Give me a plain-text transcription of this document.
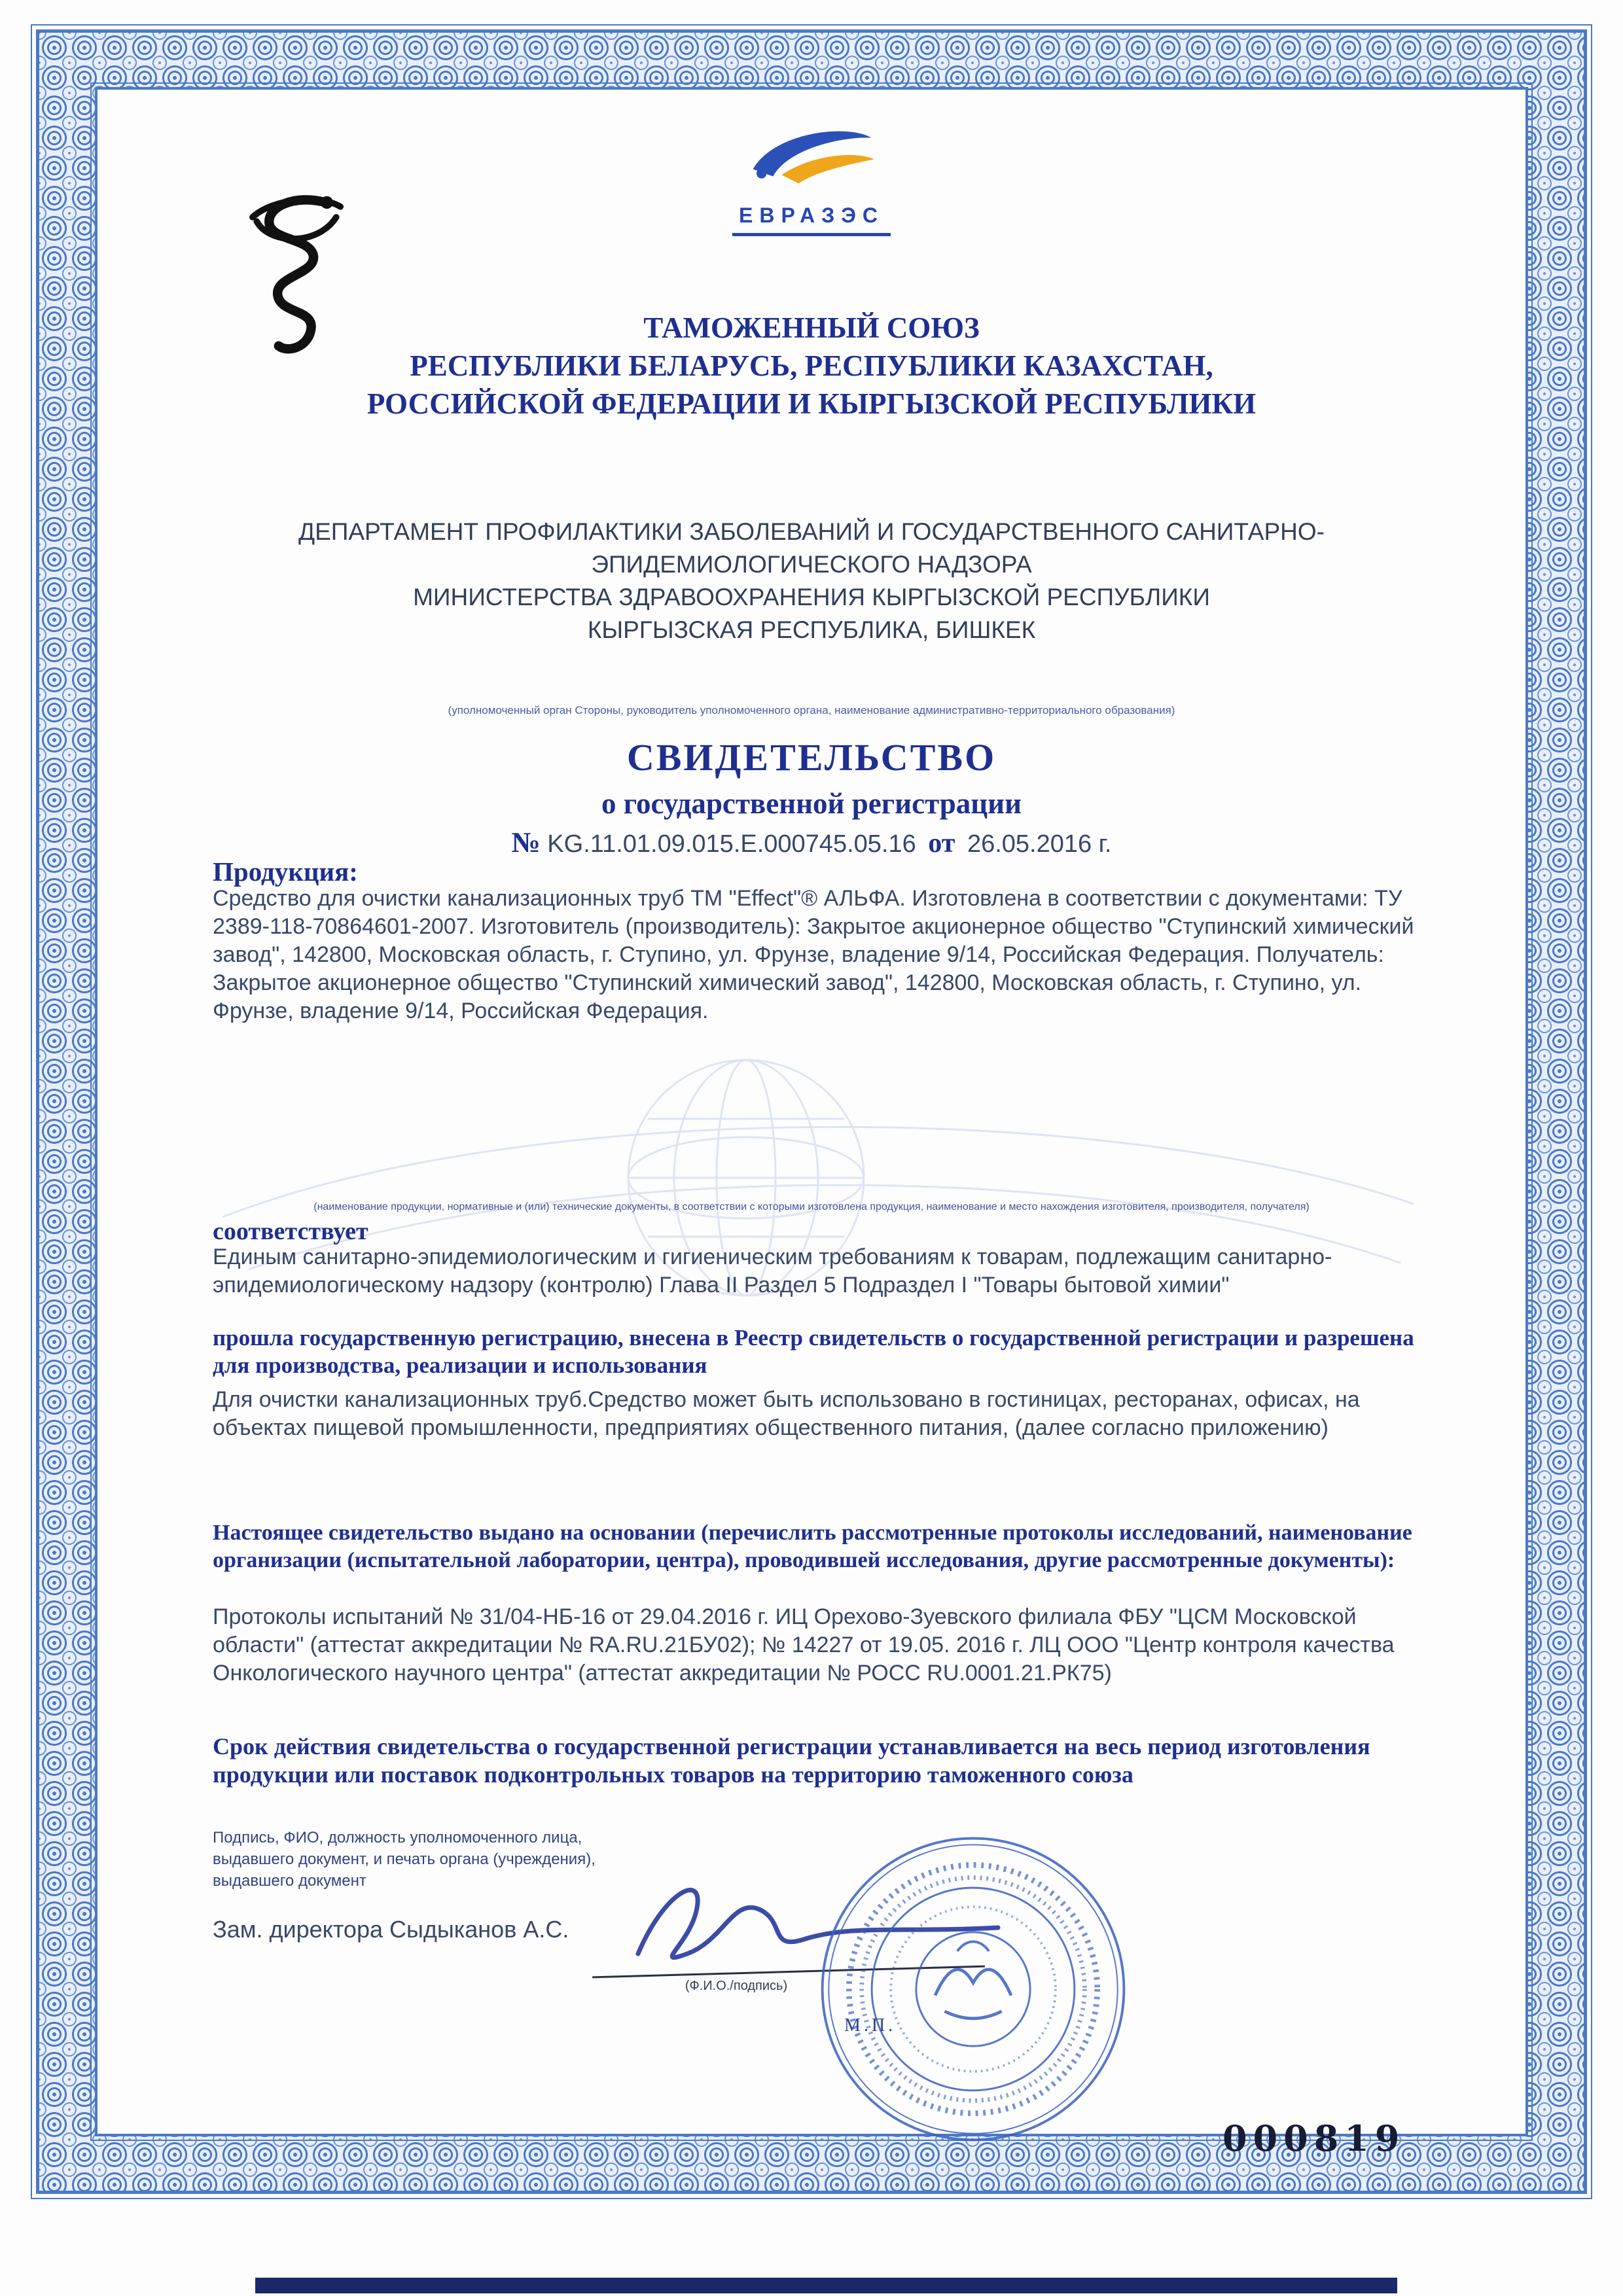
ЕВРАЗЭС
ТАМОЖЕННЫЙ СОЮЗ
РЕСПУБЛИКИ БЕЛАРУСЬ, РЕСПУБЛИКИ КАЗАХСТАН,
РОССИЙСКОЙ ФЕДЕРАЦИИ И КЫРГЫЗСКОЙ РЕСПУБЛИКИ
ДЕПАРТАМЕНТ ПРОФИЛАКТИКИ ЗАБОЛЕВАНИЙ И ГОСУДАРСТВЕННОГО САНИТАРНО-
ЭПИДЕМИОЛОГИЧЕСКОГО НАДЗОРА
МИНИСТЕРСТВА ЗДРАВООХРАНЕНИЯ КЫРГЫЗСКОЙ РЕСПУБЛИКИ
КЫРГЫЗСКАЯ РЕСПУБЛИКА, БИШКЕК
(уполномоченный орган Стороны, руководитель уполномоченного органа, наименование административно-территориального образования)
СВИДЕТЕЛЬСТВО
о государственной регистрации
№ KG.11.01.09.015.E.000745.05.16 от 26.05.2016 г.
Продукция:
Средство для очистки канализационных труб ТМ "Effect"® АЛЬФА. Изготовлена в соответствии с документами: ТУ 2389-118-70864601-2007. Изготовитель (производитель): Закрытое акционерное общество "Ступинский химический завод", 142800, Московская область, г. Ступино, ул. Фрунзе, владение 9/14, Российская Федерация. Получатель: Закрытое акционерное общество "Ступинский химический завод", 142800, Московская область, г. Ступино, ул. Фрунзе, владение 9/14, Российская Федерация.
(наименование продукции, нормативные и (или) технические документы, в соответствии с которыми изготовлена продукция, наименование и место нахождения изготовителя, производителя, получателя)
соответствует
Единым санитарно-эпидемиологическим и гигиеническим требованиям к товарам, подлежащим санитарно-эпидемиологическому надзору (контролю) Глава II Раздел 5 Подраздел I "Товары бытовой химии"
прошла государственную регистрацию, внесена в Реестр свидетельств о государственной регистрации и разрешена для производства, реализации и использования
Для очистки канализационных труб.Средство может быть использовано в гостиницах, ресторанах, офисах, на объектах пищевой промышленности, предприятиях общественного питания, (далее согласно приложению)
Настоящее свидетельство выдано на основании (перечислить рассмотренные протоколы исследований, наименование организации (испытательной лаборатории, центра), проводившей исследования, другие рассмотренные документы):
Протоколы испытаний № 31/04-НБ-16 от 29.04.2016 г. ИЦ Орехово-Зуевского филиала ФБУ "ЦСМ Московской области" (аттестат аккредитации № RA.RU.21БУ02); № 14227 от 19.05. 2016 г. ЛЦ ООО "Центр контроля качества Онкологического научного центра" (аттестат аккредитации № РОСС RU.0001.21.РК75)
Срок действия свидетельства о государственной регистрации устанавливается на весь период изготовления продукции или поставок подконтрольных товаров на территорию таможенного союза
Подпись, ФИО, должность уполномоченного лица,
выдавшего документ, и печать органа (учреждения),
выдавшего документ
Зам. директора Сыдыканов А.С.
(Ф.И.О./подпись)
М.П.
000819
